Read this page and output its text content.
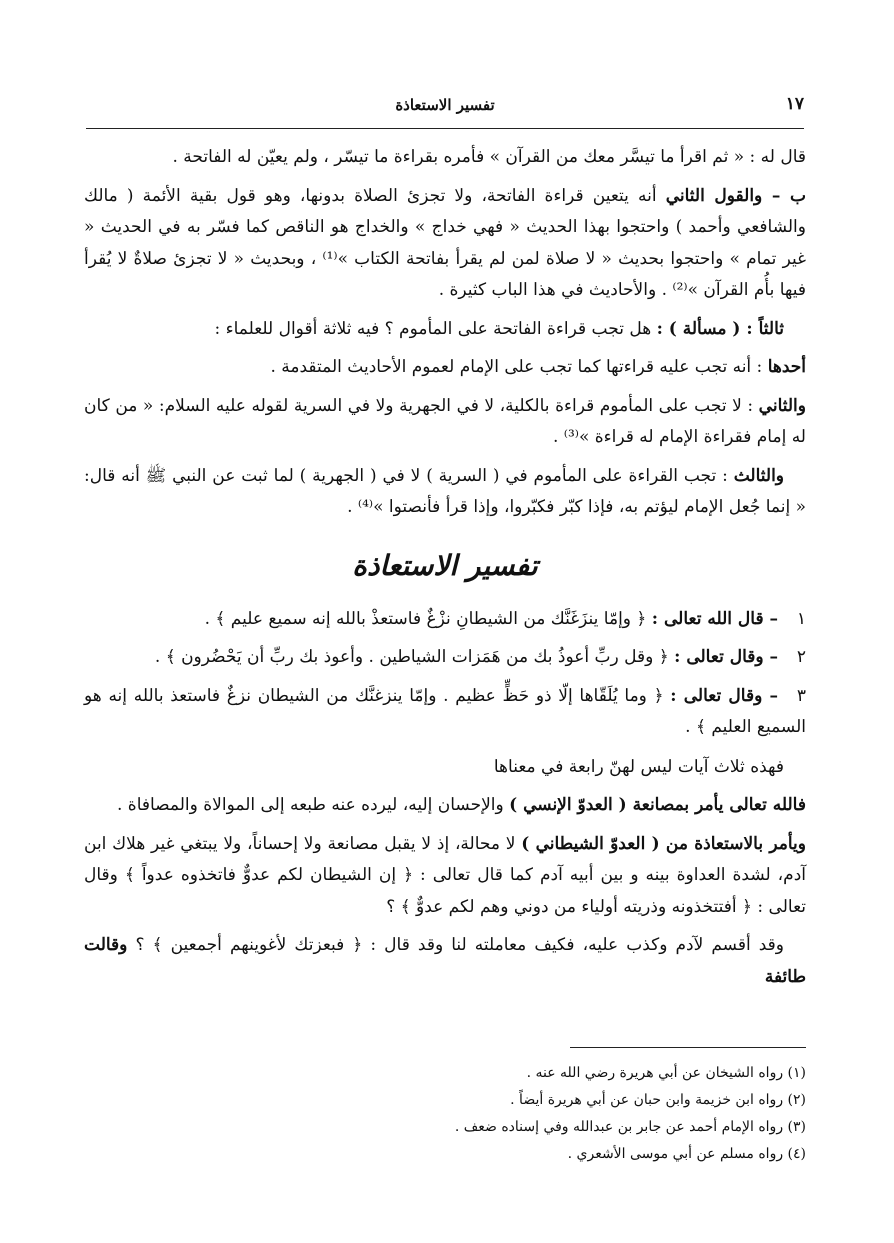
١٧
تفسير الاستعاذة

قال له : « ثم اقرأ ما تيسَّر معك من القرآن » فأمره بقراءة ما تيسّر ، ولم يعيّن له الفاتحة .

ب – والقول الثاني أنه يتعين قراءة الفاتحة، ولا تجزئ الصلاة بدونها، وهو قول بقية الأئمة ( مالك والشافعي وأحمد ) واحتجوا بهذا الحديث « فهي خداج » والخداج هو الناقص كما فسّر به في الحديث « غير تمام » واحتجوا بحديث « لا صلاة لمن لم يقرأ بفاتحة الكتاب »⁽¹⁾ ، وبحديث « لا تجزئ صلاةٌ لا يُقرأ فيها بأُم القرآن »⁽²⁾ . والأحاديث في هذا الباب كثيرة .

ثالثاً : ( مسألة ) : هل تجب قراءة الفاتحة على المأموم ؟ فيه ثلاثة أقوال للعلماء :

أحدها : أنه تجب عليه قراءتها كما تجب على الإمام لعموم الأحاديث المتقدمة .

والثاني : لا تجب على المأموم قراءة بالكلية، لا في الجهرية ولا في السرية لقوله عليه السلام: « من كان له إمام فقراءة الإمام له قراءة »⁽³⁾ .

والثالث : تجب القراءة على المأموم في ( السرية ) لا في ( الجهرية ) لما ثبت عن النبي ﷺ أنه قال: « إنما جُعل الإمام ليؤتم به، فإذا كبّر فكبّروا، وإذا قرأ فأنصتوا »⁽⁴⁾ .

تفسير الاستعاذة

١– قال الله تعالى : ﴿ وإمّا ينزَغَنَّك من الشيطانِ نزْغٌ فاستعذْ بالله إنه سميع عليم ﴾ .

٢– وقال تعالى : ﴿ وقل ربِّ أعوذُ بك من هَمَزات الشياطين . وأعوذ بك ربِّ أن يَحْضُرون ﴾ .

٣– وقال تعالى : ﴿ وما يُلَقّاها إلّا ذو حَظٍّ عظيم . وإمّا ينزغنَّك من الشيطان نزغٌ فاستعذ بالله إنه هو السميع العليم ﴾ .

فهذه ثلاث آيات ليس لهنّ رابعة في معناها

فالله تعالى يأمر بمصانعة ( العدوّ الإنسي ) والإحسان إليه، ليرده عنه طبعه إلى الموالاة والمصافاة .

ويأمر بالاستعاذة من ( العدوّ الشيطاني ) لا محالة، إذ لا يقبل مصانعة ولا إحساناً، ولا يبتغي غير هلاك ابن آدم، لشدة العداوة بينه و بين أبيه آدم كما قال تعالى : ﴿ إن الشيطان لكم عدوٌّ فاتخذوه عدواً ﴾ وقال تعالى : ﴿ أفتتخذونه وذريته أولياء من دوني وهم لكم عدوٌّ ﴾ ؟

وقد أقسم لآدم وكذب عليه، فكيف معاملته لنا وقد قال : ﴿ فبعزتك لأغوينهم أجمعين ﴾ ؟ وقالت طائفة

(١) رواه الشيخان عن أبي هريرة رضي الله عنه .
(٢) رواه ابن خزيمة وابن حبان عن أبي هريرة أيضاً .
(٣) رواه الإمام أحمد عن جابر بن عبدالله وفي إسناده ضعف .
(٤) رواه مسلم عن أبي موسى الأشعري .
